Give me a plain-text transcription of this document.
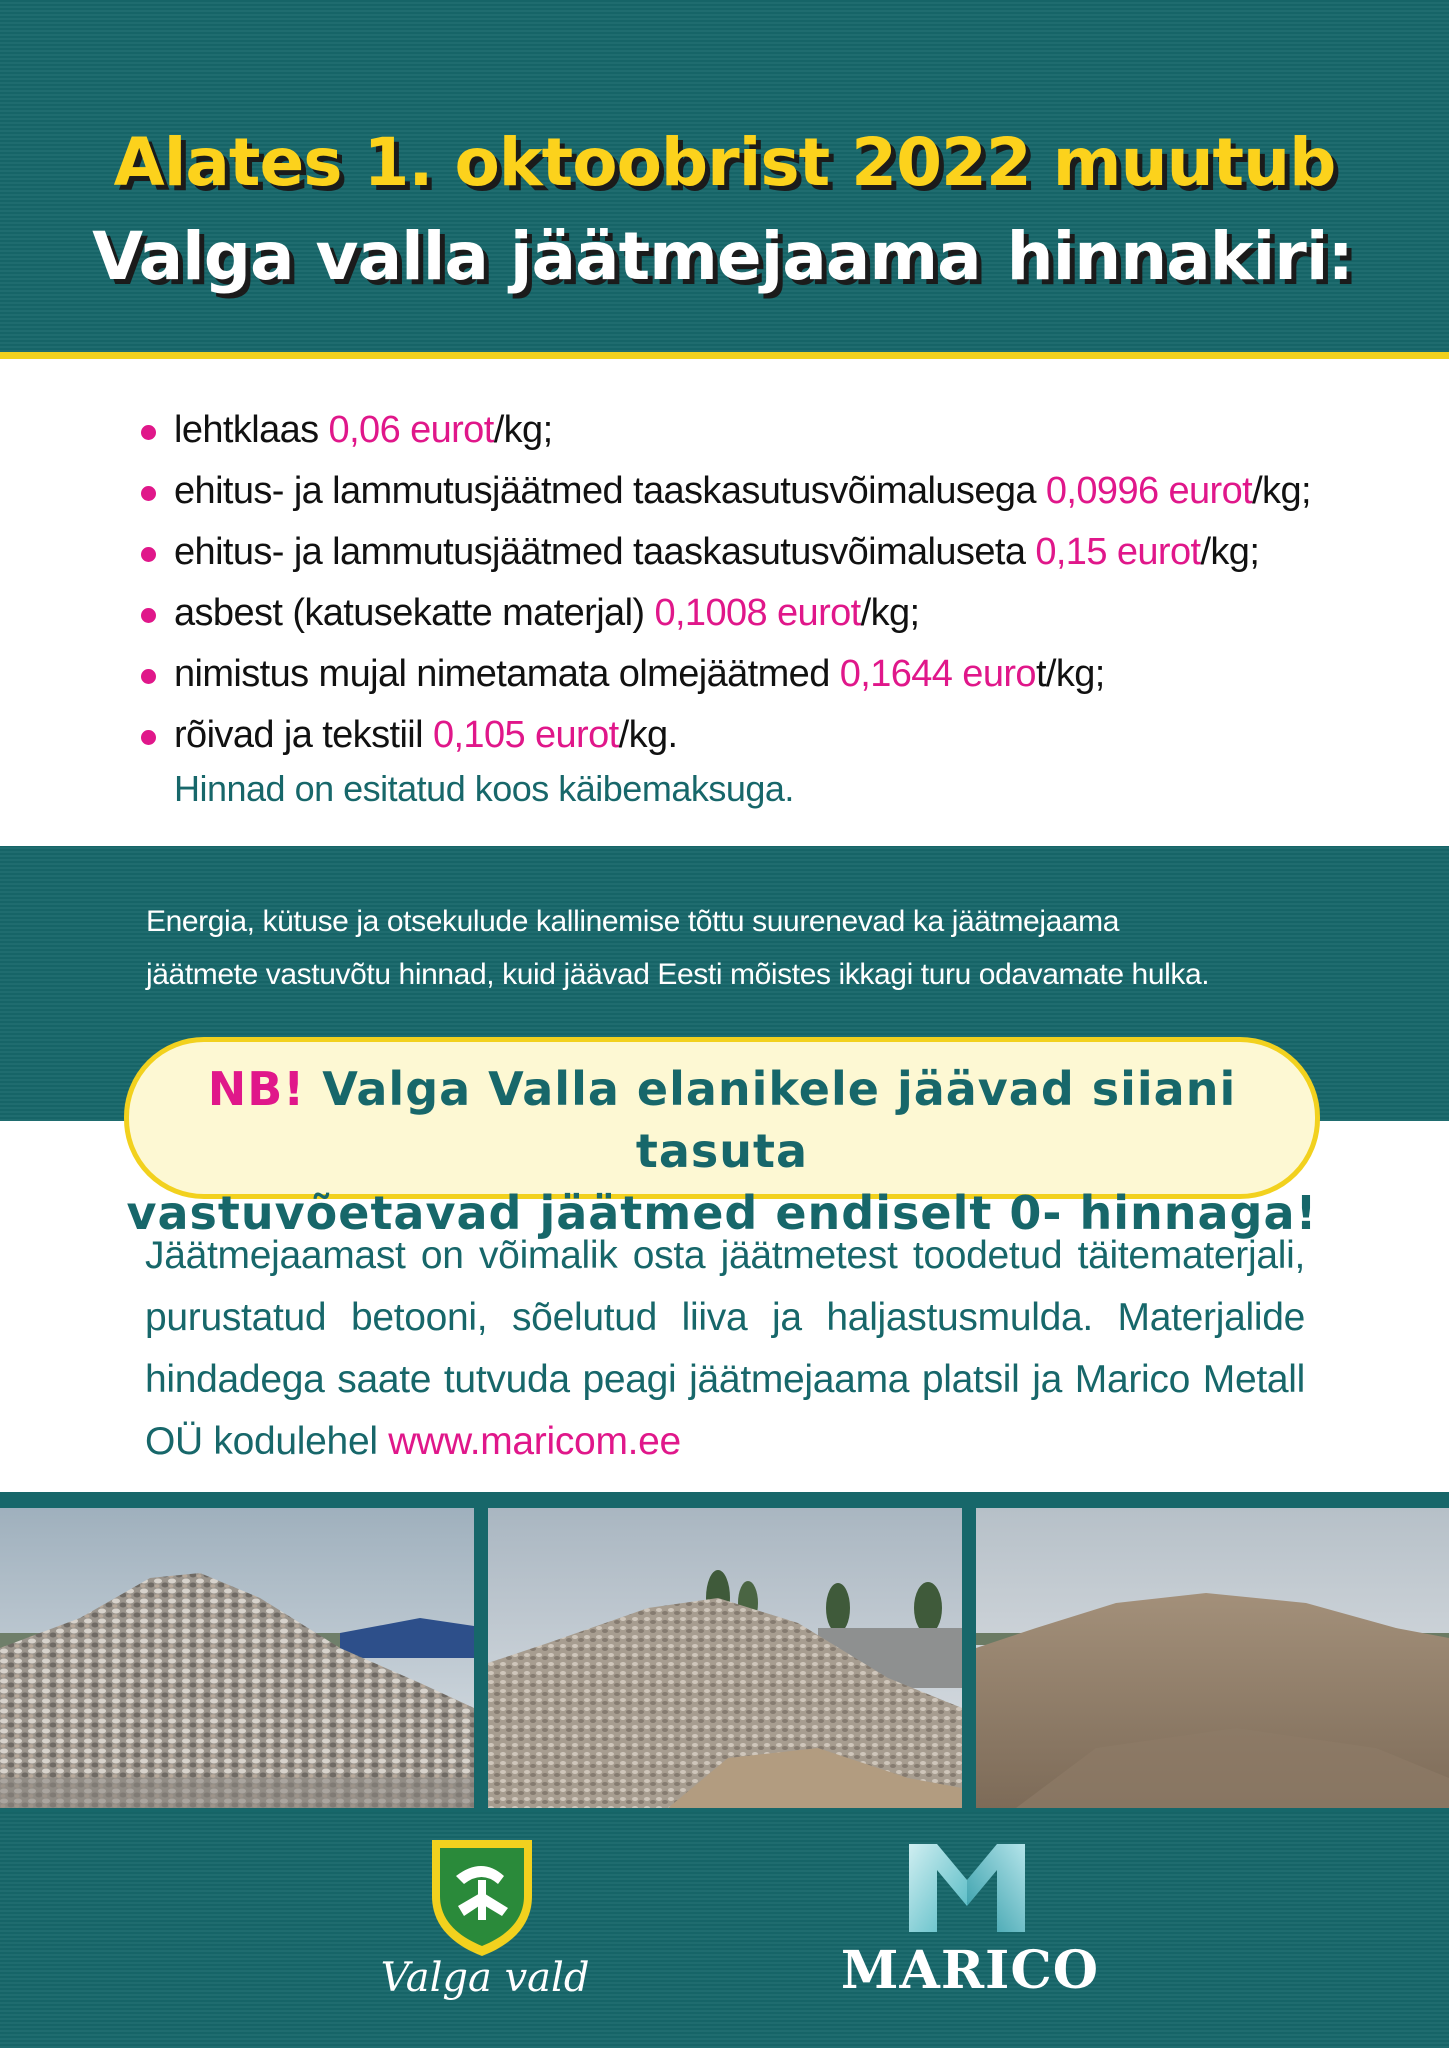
Alates 1. oktoobrist 2022 muutub
Valga valla jäätmejaama hinnakiri:
lehtklaas 0,06 eurot/kg;
ehitus- ja lammutusjäätmed taaskasutusvõimalusega 0,0996 eurot/kg;
ehitus- ja lammutusjäätmed taaskasutusvõimaluseta 0,15 eurot/kg;
asbest (katusekatte materjal) 0,1008 eurot/kg;
nimistus mujal nimetamata olmejäätmed 0,1644 eurot/kg;
rõivad ja tekstiil 0,105 eurot/kg.
Hinnad on esitatud koos käibemaksuga.
Energia, kütuse ja otsekulude kallinemise tõttu suurenevad ka jäätmejaama
jäätmete vastuvõtu hinnad, kuid jäävad Eesti mõistes ikkagi turu odavamate hulka.
NB! Valga Valla elanikele jäävad siiani tasuta
vastuvõetavad jäätmed endiselt 0- hinnaga!
Jäätmejaamast on võimalik osta jäätmetest toodetud täitematerjali, purustatud betooni, sõelutud liiva ja haljastusmulda. Materjalide hindadega saate tutvuda peagi jäätmejaama platsil ja Marico Metall OÜ kodulehel www.maricom.ee
Valga vald	MARICO
